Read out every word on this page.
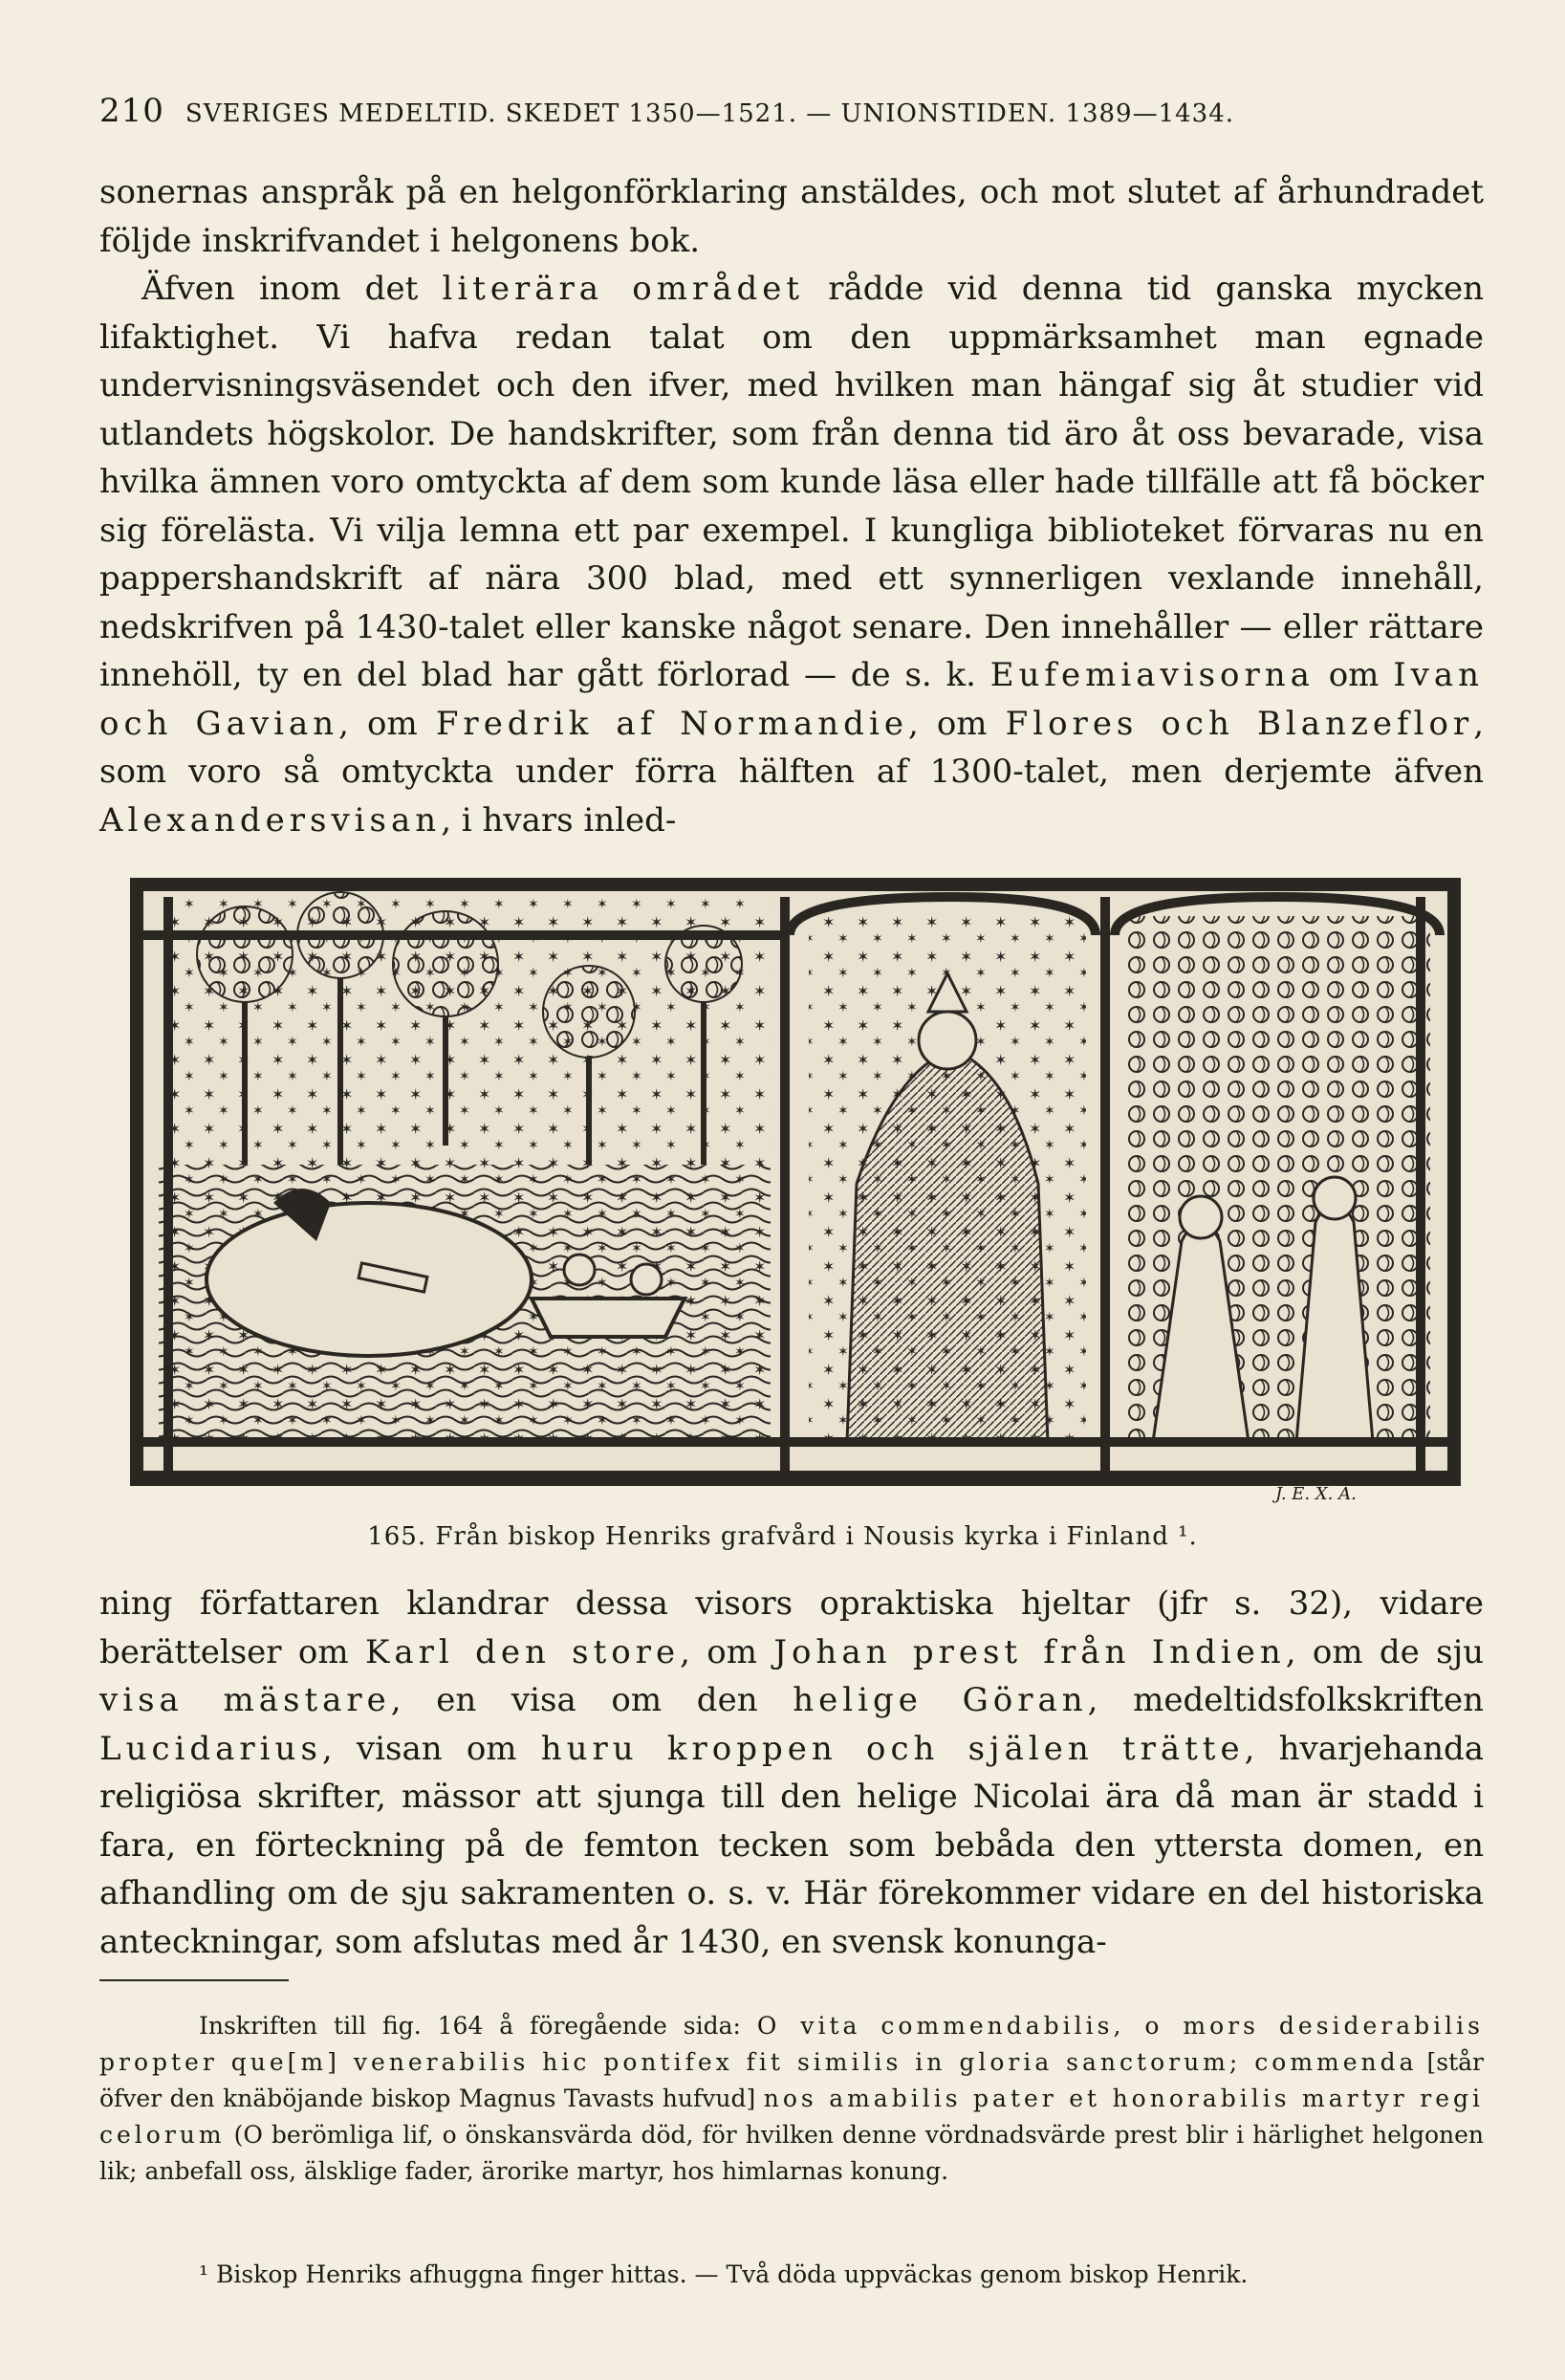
210 SVERIGES MEDELTID. SKEDET 1350—1521. — UNIONSTIDEN. 1389—1434.
sonernas anspråk på en helgonförklaring anstäldes, och mot slutet af århundradet följde inskrifvandet i helgonens bok.
Äfven inom det literära området rådde vid denna tid ganska mycken lifaktighet. Vi hafva redan talat om den uppmärksamhet man egnade undervisningsväsendet och den ifver, med hvilken man hängaf sig åt studier vid utlandets högskolor. De handskrifter, som från denna tid äro åt oss bevarade, visa hvilka ämnen voro omtyckta af dem som kunde läsa eller hade tillfälle att få böcker sig förelästa. Vi vilja lemna ett par exempel. I kungliga biblioteket förvaras nu en pappershandskrift af nära 300 blad, med ett synnerligen vexlande innehåll, nedskrifven på 1430-talet eller kanske något senare. Den innehåller — eller rättare innehöll, ty en del blad har gått förlorad — de s. k. Eufemiavisorna om Ivan och Gavian, om Fredrik af Normandie, om Flores och Blanzeflor, som voro så omtyckta under förra hälften af 1300-talet, men derjemte äfven Alexandersvisan, i hvars inled-
J. E. X. A.
165. Från biskop Henriks grafvård i Nousis kyrka i Finland ¹.
ning författaren klandrar dessa visors opraktiska hjeltar (jfr s. 32), vidare berättelser om Karl den store, om Johan prest från Indien, om de sju visa mästare, en visa om den helige Göran, medeltidsfolkskriften Lucidarius, visan om huru kroppen och själen trätte, hvarjehanda religiösa skrifter, mässor att sjunga till den helige Nicolai ära då man är stadd i fara, en förteckning på de femton tecken som bebåda den yttersta domen, en afhandling om de sju sakramenten o. s. v. Här förekommer vidare en del historiska anteckningar, som afslutas med år 1430, en svensk konunga-
Inskriften till fig. 164 å föregående sida: O vita commendabilis, o mors desiderabilis propter que[m] venerabilis hic pontifex fit similis in gloria sanctorum; commenda [står öfver den knäböjande biskop Magnus Tavasts hufvud] nos amabilis pater et honorabilis martyr regi celorum (O berömliga lif, o önskansvärda död, för hvilken denne vördnadsvärde prest blir i härlighet helgonen lik; anbefall oss, älsklige fader, ärorike martyr, hos himlarnas konung.
¹ Biskop Henriks afhuggna finger hittas. — Två döda uppväckas genom biskop Henrik.
